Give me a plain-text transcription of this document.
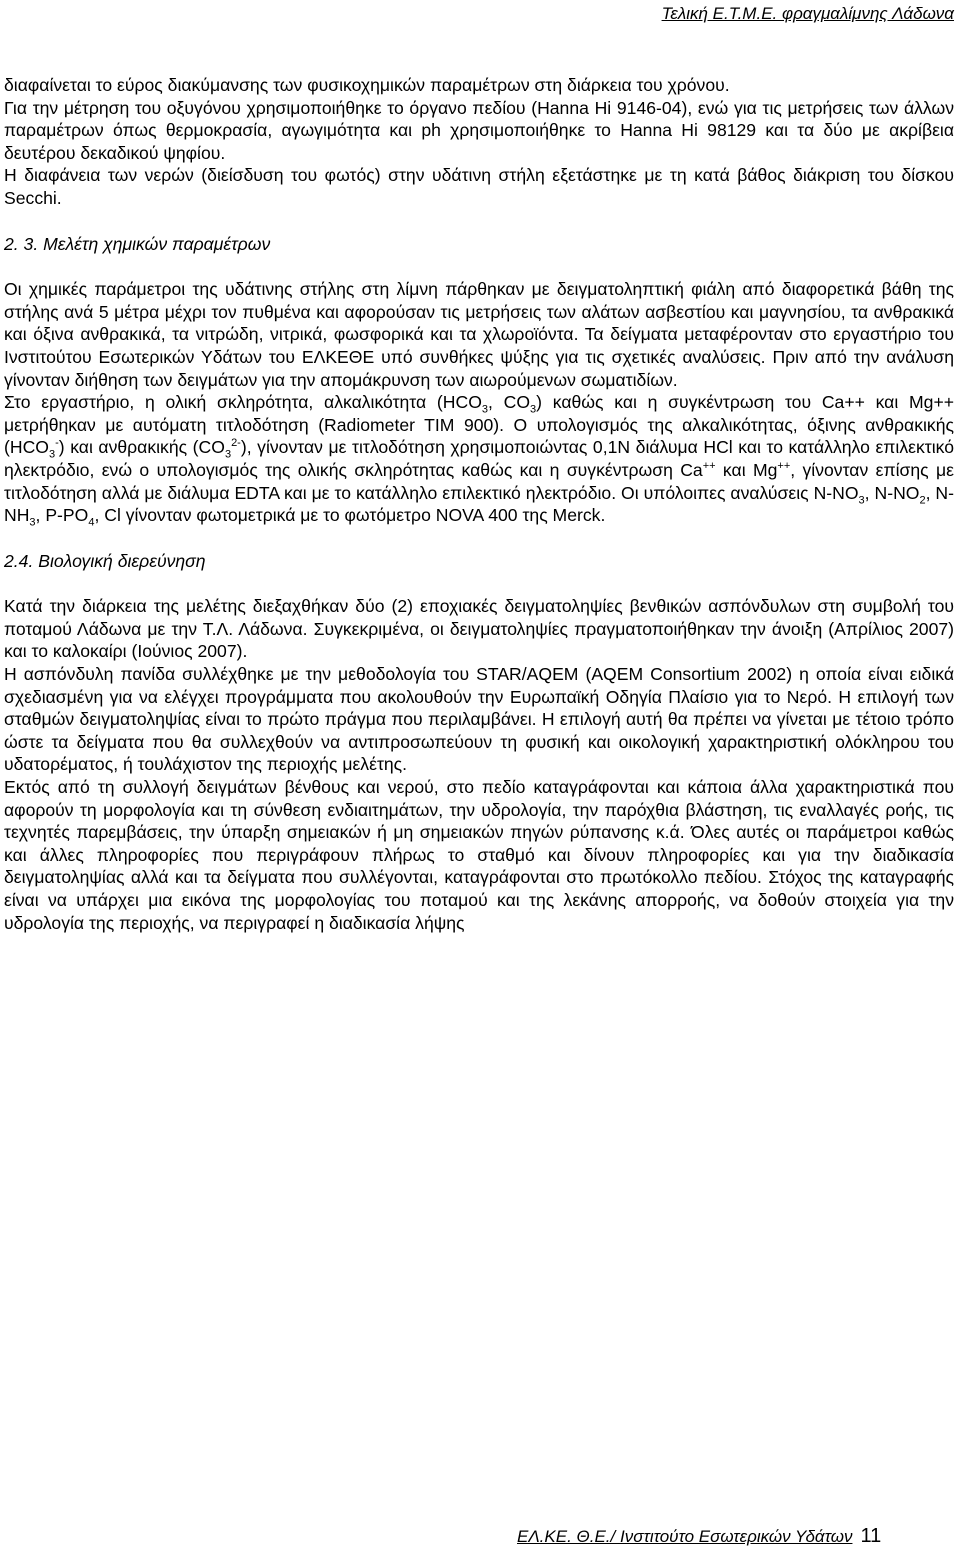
Τελική Ε.Τ.Μ.Ε. φραγμαλίμνης Λάδωνα

διαφαίνεται το εύρος διακύμανσης των φυσικοχημικών παραμέτρων στη διάρκεια του χρόνου.

Για την μέτρηση του οξυγόνου χρησιμοποιήθηκε το όργανο πεδίου (Hanna Hi 9146-04), ενώ για τις μετρήσεις των άλλων παραμέτρων όπως θερμοκρασία, αγωγιμότητα και ph χρησιμοποιήθηκε το Hanna Hi 98129 και τα δύο με ακρίβεια δευτέρου δεκαδικού ψηφίου.

Η διαφάνεια των νερών (διείσδυση του φωτός) στην υδάτινη στήλη εξετάστηκε με τη κατά βάθος διάκριση του δίσκου Secchi.

2. 3. Μελέτη χημικών παραμέτρων

Οι χημικές παράμετροι της υδάτινης στήλης στη λίμνη πάρθηκαν με δειγματοληπτική φιάλη από διαφορετικά βάθη της στήλης ανά 5 μέτρα μέχρι τον πυθμένα και αφορούσαν τις μετρήσεις των αλάτων ασβεστίου και μαγνησίου, τα ανθρακικά και όξινα ανθρακικά, τα νιτρώδη, νιτρικά, φωσφορικά και τα χλωροϊόντα. Τα δείγματα μεταφέρονταν στο εργαστήριο του Ινστιτούτου Εσωτερικών Υδάτων του ΕΛΚΕΘΕ υπό συνθήκες ψύξης για τις σχετικές αναλύσεις. Πριν από την ανάλυση γίνονταν διήθηση των δειγμάτων για την απομάκρυνση των αιωρούμενων σωματιδίων.

Στο εργαστήριο, η ολική σκληρότητα, αλκαλικότητα ($HCO_3$, $CO_3$) καθώς και η συγκέντρωση του Ca++ και Mg++ μετρήθηκαν με αυτόματη τιτλοδότηση (Radiometer TIM 900). Ο υπολογισμός της αλκαλικότητας, όξινης ανθρακικής $(HCO_3^-)$ και ανθρακικής $(CO_3^{2-})$, γίνονταν με τιτλοδότηση χρησιμοποιώντας 0,1N διάλυμα HCl και το κατάλληλο επιλεκτικό ηλεκτρόδιο, ενώ ο υπολογισμός της ολικής σκληρότητας καθώς και η συγκέντρωση Ca++ και Mg++, γίνονταν επίσης με τιτλοδότηση αλλά με διάλυμα EDTA και με το κατάλληλο επιλεκτικό ηλεκτρόδιο. Οι υπόλοιπες αναλύσεις $N-NO_3$, $N-NO_2$, $N-NH_3$, $P-PO_4$, Cl γίνονταν φωτομετρικά με το φωτόμετρο NOVA 400 της Merck.

2.4. Βιολογική διερεύνηση

Κατά την διάρκεια της μελέτης διεξαχθήκαν δύο (2) εποχιακές δειγματοληψίες βενθικών ασπόνδυλων στη συμβολή του ποταμού Λάδωνα με την Τ.Λ. Λάδωνα. Συγκεκριμένα, οι δειγματοληψίες πραγματοποιήθηκαν την άνοιξη (Απρίλιος 2007) και το καλοκαίρι (Ιούνιος 2007).

Η ασπόνδυλη πανίδα συλλέχθηκε με την μεθοδολογία του STAR/AQEM (AQEM Consortium 2002) η οποία είναι ειδικά σχεδιασμένη για να ελέγχει προγράμματα που ακολουθούν την Ευρωπαϊκή Οδηγία Πλαίσιο για το Νερό. Η επιλογή των σταθμών δειγματοληψίας είναι το πρώτο πράγμα που περιλαμβάνει. Η επιλογή αυτή θα πρέπει να γίνεται με τέτοιο τρόπο ώστε τα δείγματα που θα συλλεχθούν να αντιπροσωπεύουν τη φυσική και οικολογική χαρακτηριστική ολόκληρου του υδατορέματος, ή τουλάχιστον της περιοχής μελέτης.

Εκτός από τη συλλογή δειγμάτων βένθους και νερού, στο πεδίο καταγράφονται και κάποια άλλα χαρακτηριστικά που αφορούν τη μορφολογία και τη σύνθεση ενδιαιτημάτων, την υδρολογία, την παρόχθια βλάστηση, τις εναλλαγές ροής, τις τεχνητές παρεμβάσεις, την ύπαρξη σημειακών ή μη σημειακών πηγών ρύπανσης κ.ά. Όλες αυτές οι παράμετροι καθώς και άλλες πληροφορίες που περιγράφουν πλήρως το σταθμό και δίνουν πληροφορίες και για την διαδικασία δειγματοληψίας αλλά και τα δείγματα που συλλέγονται, καταγράφονται στο πρωτόκολλο πεδίου. Στόχος της καταγραφής είναι να υπάρχει μια εικόνα της μορφολογίας του ποταμού και της λεκάνης απορροής, να δοθούν στοιχεία για την υδρολογία της περιοχής, να περιγραφεί η διαδικασία λήψης

ΕΛ.ΚΕ. Θ.Ε./ Ινστιτούτο Εσωτερικών Υδάτων 11
